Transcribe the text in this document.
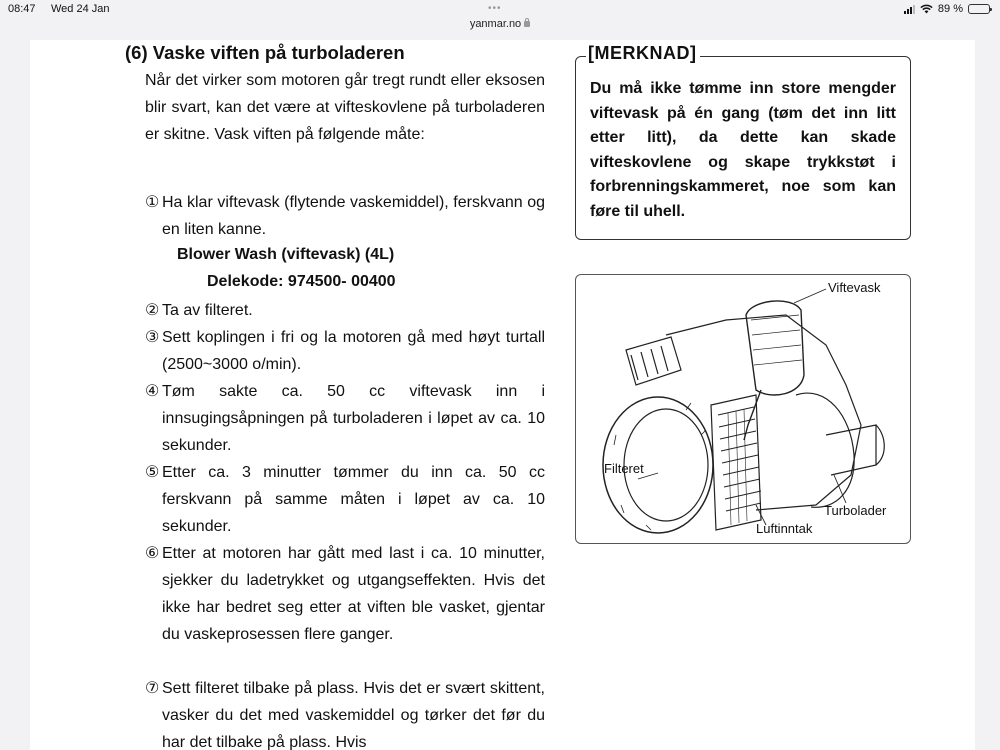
08:47 Wed 24 Jan	•••	89 %
yanmar.no
(6) Vaske viften på turboladeren
Når det virker som motoren går tregt rundt eller eksosen blir svart, kan det være at vifteskovlene på turboladeren er skitne. Vask viften på følgende måte:
① Ha klar viftevask (flytende vaskemiddel), ferskvann og en liten kanne.
Blower Wash (viftevask) (4L)
Delekode: 974500- 00400
② Ta av filteret.
③ Sett koplingen i fri og la motoren gå med høyt turtall (2500~3000 o/min).
④ Tøm sakte ca. 50 cc viftevask inn i innsugingsåpningen på turboladeren i løpet av ca. 10 sekunder.
⑤ Etter ca. 3 minutter tømmer du inn ca. 50 cc ferskvann på samme måten i løpet av ca. 10 sekunder.
⑥ Etter at motoren har gått med last i ca. 10 minutter, sjekker du ladetrykket og utgangseffekten. Hvis det ikke har bedret seg etter at viften ble vasket, gjentar du vaskeprosessen flere ganger.
⑦ Sett filteret tilbake på plass. Hvis det er svært skittent, vasker du det med vaskemiddel og tørker det før du har det tilbake på plass. Hvis
[MERKNAD]
Du må ikke tømme inn store mengder viftevask på én gang (tøm det inn litt etter litt), da dette kan skade vifteskovlene og skape trykkstøt i forbrenningskammeret, noe som kan føre til uhell.
Viftevask
Filteret
Turbolader
Luftinntak
